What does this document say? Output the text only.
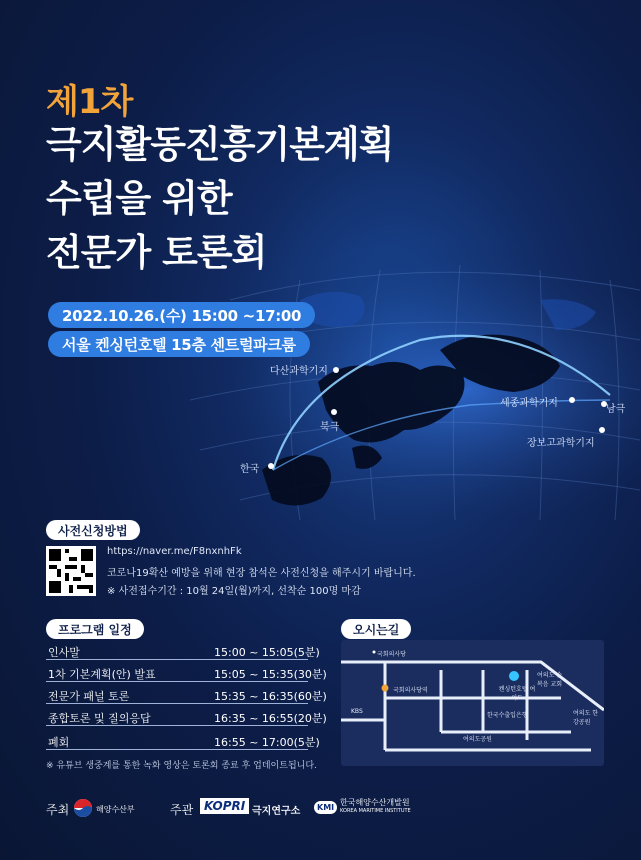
제1차
극지활동진흥기본계획
수립을 위한
전문가 토론회
2022.10.26.(수) 15:00 ~17:00
서울 켄싱턴호텔 15층 센트럴파크룸
다산과학기지
북극
한국
세종과학기지
남극
장보고과학기지
사전신청방법
https://naver.me/F8nxnhFk
코로나19확산 예방을 위해 현장 참석은 사전신청을 해주시기 바랍니다.
※ 사전접수기간 : 10월 24일(월)까지, 선착순 100명 마감
프로그램 일정
인사말	15:00 ~ 15:05(5분)
1차 기본계획(안) 발표	15:05 ~ 15:35(30분)
전문가 패널 토론	15:35 ~ 16:35(60분)
종합토론 및 질의응답	16:35 ~ 16:55(20분)
폐회	16:55 ~ 17:00(5분)
※ 유튜브 생중계를 통한 녹화 영상은 토론회 종료 후 업데이트됩니다.
오시는길
국회의사당
국회의사당역	켄싱턴호텔 여의도
여의도 순복음 교회
여의도 한강공원
한국수출입은행
KBS
여의도공원
주최	해양수산부	주관 KOPRI 극지연구소	KMI
한국해양수산개발원
KOREA MARITIME INSTITUTE
